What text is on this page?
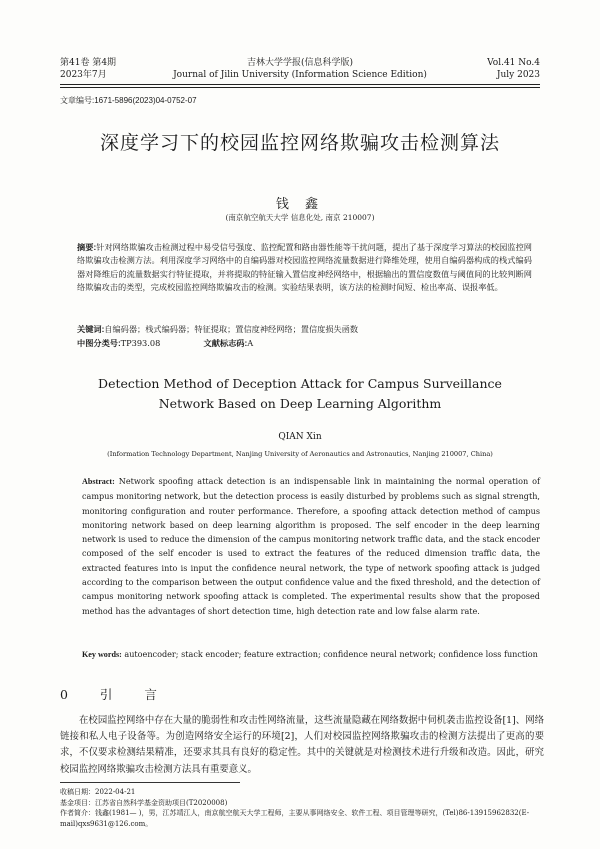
第41卷 第4期
2023年7月
吉林大学学报(信息科学版)
Journal of Jilin University (Information Science Edition)
Vol.41 No.4
July 2023
文章编号:1671-5896(2023)04-0752-07
深度学习下的校园监控网络欺骗攻击检测算法
钱 鑫
(南京航空航天大学 信息化处, 南京 210007)
摘要:针对网络欺骗攻击检测过程中易受信号强度、监控配置和路由器性能等干扰问题，提出了基于深度学习算法的校园监控网络欺骗攻击检测方法。利用深度学习网络中的自编码器对校园监控网络流量数据进行降维处理，使用自编码器构成的栈式编码器对降维后的流量数据实行特征提取，并将提取的特征输入置信度神经网络中，根据输出的置信度数值与阈值间的比较判断网络欺骗攻击的类型，完成校园监控网络欺骗攻击的检测。实验结果表明，该方法的检测时间短、检出率高、误报率低。
关键词:自编码器；栈式编码器；特征提取；置信度神经网络；置信度损失函数
中图分类号:TP393.08	文献标志码:A
Detection Method of Deception Attack for Campus Surveillance
Network Based on Deep Learning Algorithm
QIAN Xin
(Information Technology Department, Nanjing University of Aeronautics and Astronautics, Nanjing 210007, China)
Abstract: Network spoofing attack detection is an indispensable link in maintaining the normal operation of campus monitoring network, but the detection process is easily disturbed by problems such as signal strength, monitoring configuration and router performance. Therefore, a spoofing attack detection method of campus monitoring network based on deep learning algorithm is proposed. The self encoder in the deep learning network is used to reduce the dimension of the campus monitoring network traffic data, and the stack encoder composed of the self encoder is used to extract the features of the reduced dimension traffic data, the extracted features into is input the confidence neural network, the type of network spoofing attack is judged according to the comparison between the output confidence value and the fixed threshold, and the detection of campus monitoring network spoofing attack is completed. The experimental results show that the proposed method has the advantages of short detection time, high detection rate and low false alarm rate.
Key words: autoencoder; stack encoder; feature extraction; confidence neural network; confidence loss function
0 引 言
在校园监控网络中存在大量的脆弱性和攻击性网络流量，这些流量隐藏在网络数据中伺机袭击监控设备[1]、网络链接和私人电子设备等。为创造网络安全运行的环境[2]，人们对校园监控网络欺骗攻击的检测方法提出了更高的要求，不仅要求检测结果精准，还要求其具有良好的稳定性。其中的关键就是对检测技术进行升级和改造。因此，研究校园监控网络欺骗攻击检测方法具有重要意义。
收稿日期：2022-04-21
基金项目：江苏省自然科学基金资助项目(T2020008)
作者简介：钱鑫(1981— )，男，江苏靖江人，南京航空航天大学工程师，主要从事网络安全、软件工程、项目管理等研究，(Tel)86-13915962832(E-mail)qxs9631@126.com。
